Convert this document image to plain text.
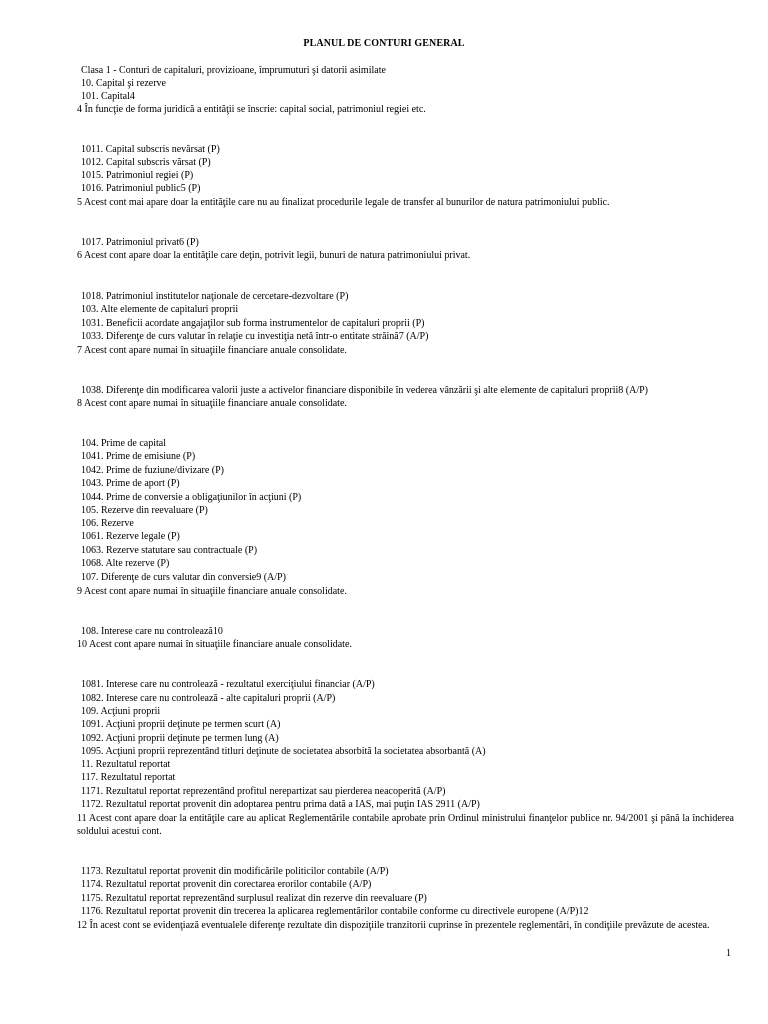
PLANUL DE CONTURI GENERAL
Clasa 1 - Conturi de capitaluri, provizioane, împrumuturi şi datorii asimilate
10. Capital şi rezerve
101. Capital4
4 În funcţie de forma juridică a entităţii se înscrie: capital social, patrimoniul regiei etc.
1011. Capital subscris nevărsat (P)
1012. Capital subscris vărsat (P)
1015. Patrimoniul regiei (P)
1016. Patrimoniul public5 (P)
5 Acest cont mai apare doar la entităţile care nu au finalizat procedurile legale de transfer al bunurilor de natura patrimoniului public.
1017. Patrimoniul privat6 (P)
6 Acest cont apare doar la entităţile care deţin, potrivit legii, bunuri de natura patrimoniului privat.
1018. Patrimoniul institutelor naţionale de cercetare-dezvoltare (P)
103. Alte elemente de capitaluri proprii
1031. Beneficii acordate angajaţilor sub forma instrumentelor de capitaluri proprii (P)
1033. Diferenţe de curs valutar în relaţie cu investiţia netă într-o entitate străină7 (A/P)
7 Acest cont apare numai în situaţiile financiare anuale consolidate.
1038. Diferenţe din modificarea valorii juste a activelor financiare disponibile în vederea vânzării şi alte elemente de capitaluri proprii8 (A/P)
8 Acest cont apare numai în situaţiile financiare anuale consolidate.
104. Prime de capital
1041. Prime de emisiune (P)
1042. Prime de fuziune/divizare (P)
1043. Prime de aport (P)
1044. Prime de conversie a obligaţiunilor în acţiuni (P)
105. Rezerve din reevaluare (P)
106. Rezerve
1061. Rezerve legale (P)
1063. Rezerve statutare sau contractuale (P)
1068. Alte rezerve (P)
107. Diferenţe de curs valutar din conversie9 (A/P)
9 Acest cont apare numai în situaţiile financiare anuale consolidate.
108. Interese care nu controlează10
10 Acest cont apare numai în situaţiile financiare anuale consolidate.
1081. Interese care nu controlează - rezultatul exerciţiului financiar (A/P)
1082. Interese care nu controlează - alte capitaluri proprii (A/P)
109. Acţiuni proprii
1091. Acţiuni proprii deţinute pe termen scurt (A)
1092. Acţiuni proprii deţinute pe termen lung (A)
1095. Acţiuni proprii reprezentând titluri deţinute de societatea absorbită la societatea absorbantă (A)
11. Rezultatul reportat
117. Rezultatul reportat
1171. Rezultatul reportat reprezentând profitul nerepartizat sau pierderea neacoperită (A/P)
1172. Rezultatul reportat provenit din adoptarea pentru prima dată a IAS, mai puţin IAS 2911 (A/P)
11 Acest cont apare doar la entităţile care au aplicat Reglementările contabile aprobate prin Ordinul ministrului finanţelor publice nr. 94/2001 şi până la închiderea soldului acestui cont.
1173. Rezultatul reportat provenit din modificările politicilor contabile (A/P)
1174. Rezultatul reportat provenit din corectarea erorilor contabile (A/P)
1175. Rezultatul reportat reprezentând surplusul realizat din rezerve din reevaluare (P)
1176. Rezultatul reportat provenit din trecerea la aplicarea reglementărilor contabile conforme cu directivele europene (A/P)12
12 În acest cont se evidenţiază eventualele diferenţe rezultate din dispoziţiile tranzitorii cuprinse în prezentele reglementări, în condiţiile prevăzute de acestea.
1
